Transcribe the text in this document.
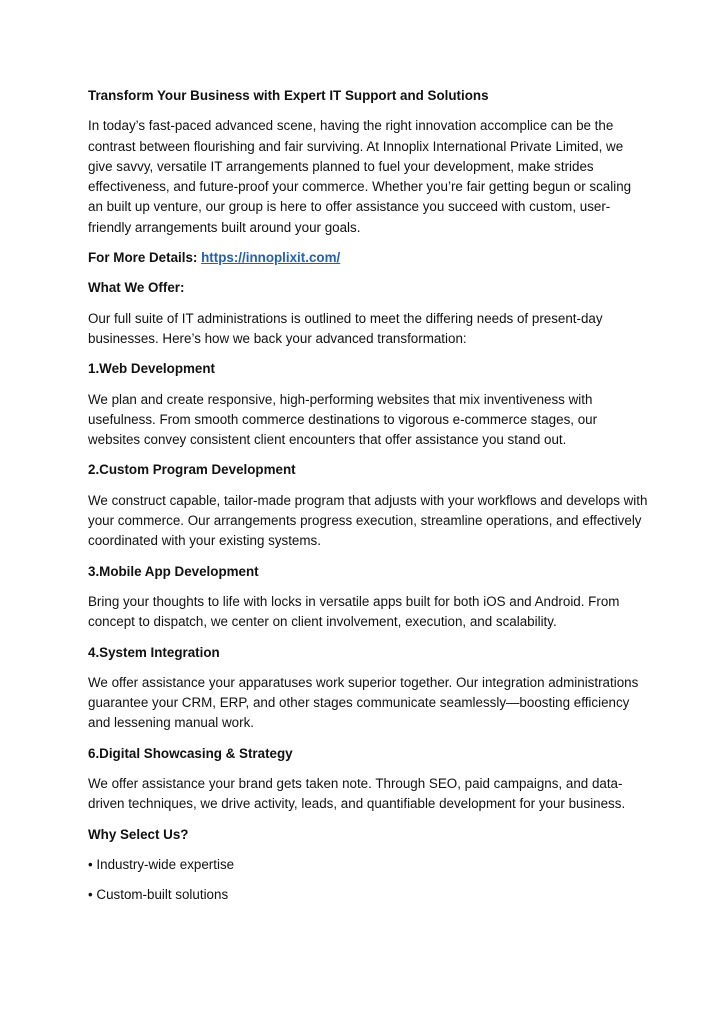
Transform Your Business with Expert IT Support and Solutions

In today’s fast-paced advanced scene, having the right innovation accomplice can be the contrast between flourishing and fair surviving. At Innoplix International Private Limited, we give savvy, versatile IT arrangements planned to fuel your development, make strides effectiveness, and future-proof your commerce. Whether you’re fair getting begun or scaling an built up venture, our group is here to offer assistance you succeed with custom, user-friendly arrangements built around your goals.

For More Details: https://innoplixit.com/

What We Offer:

Our full suite of IT administrations is outlined to meet the differing needs of present-day businesses. Here’s how we back your advanced transformation:

1.Web Development

We plan and create responsive, high-performing websites that mix inventiveness with usefulness. From smooth commerce destinations to vigorous e-commerce stages, our websites convey consistent client encounters that offer assistance you stand out.

2.Custom Program Development

We construct capable, tailor-made program that adjusts with your workflows and develops with your commerce. Our arrangements progress execution, streamline operations, and effectively coordinated with your existing systems.

3.Mobile App Development

Bring your thoughts to life with locks in versatile apps built for both iOS and Android. From concept to dispatch, we center on client involvement, execution, and scalability.

4.System Integration

We offer assistance your apparatuses work superior together. Our integration administrations guarantee your CRM, ERP, and other stages communicate seamlessly—boosting efficiency and lessening manual work.

6.Digital Showcasing & Strategy

We offer assistance your brand gets taken note. Through SEO, paid campaigns, and data-driven techniques, we drive activity, leads, and quantifiable development for your business.

Why Select Us?

• Industry-wide expertise

• Custom-built solutions
